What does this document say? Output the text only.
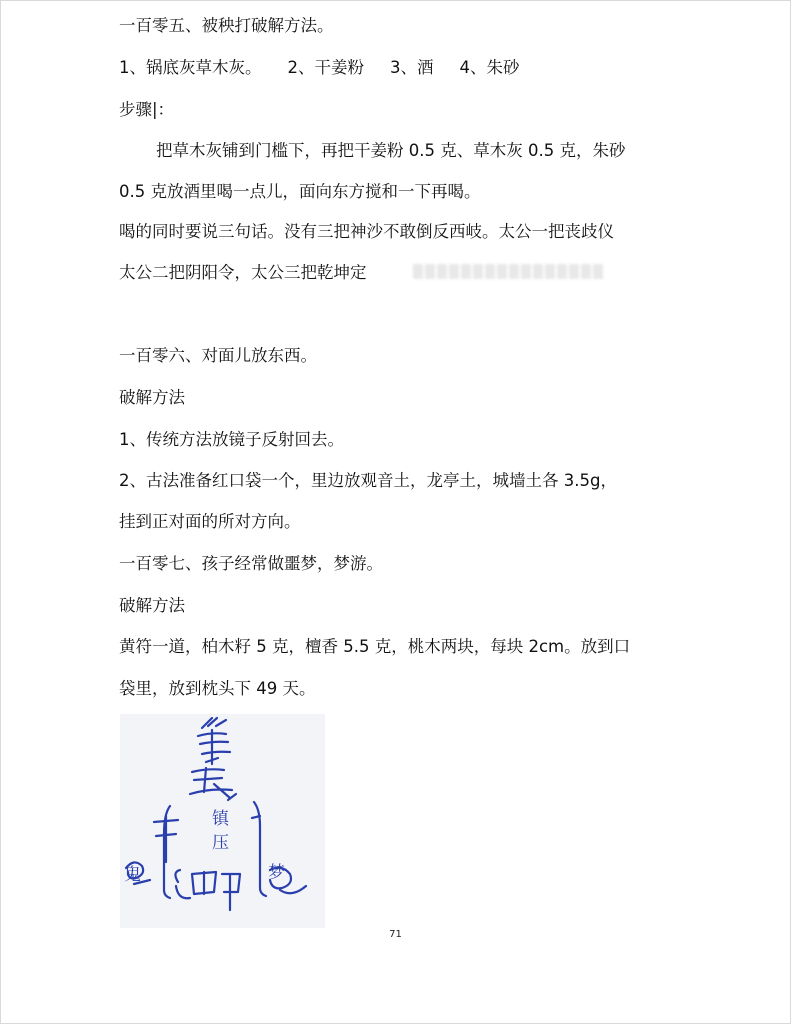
一百零五、被秧打破解方法。
1、锅底灰草木灰。 2、干姜粉 3、酒 4、朱砂
步骤|：
把草木灰铺到门槛下，再把干姜粉 0.5 克、草木灰 0.5 克，朱砂
0.5 克放酒里喝一点儿，面向东方搅和一下再喝。
喝的同时要说三句话。没有三把神沙不敢倒反西岐。太公一把丧歧仪
太公二把阴阳令，太公三把乾坤定	▒▒▒▒▒▒▒▒▒▒▒▒▒▒▒▒
一百零六、对面儿放东西。
破解方法
1、传统方法放镜子反射回去。
2、古法准备红口袋一个，里边放观音土，龙亭土，城墙土各 3.5g，
挂到正对面的所对方向。
一百零七、孩子经常做噩梦，梦游。
破解方法
黄符一道，柏木籽 5 克，檀香 5.5 克，桃木两块，每块 2cm。放到口
袋里，放到枕头下 49 天。
鬼
镇
压
梦
71
